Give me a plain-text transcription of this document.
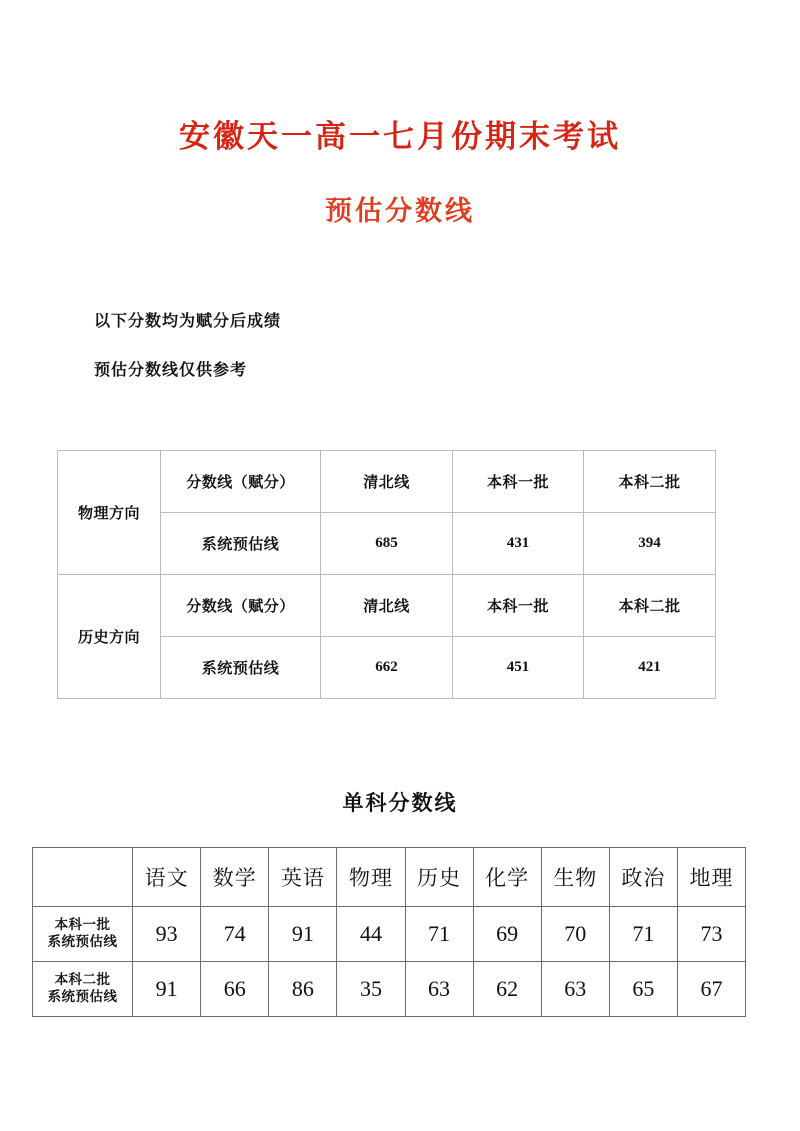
安徽天一高一七月份期末考试
预估分数线
以下分数均为赋分后成绩
预估分数线仅供参考
物理方向	分数线（赋分）	清北线	本科一批	本科二批
	系统预估线	685	431	394
历史方向	分数线（赋分）	清北线	本科一批	本科二批
	系统预估线	662	451	421
单科分数线
	语文	数学	英语	物理	历史	化学	生物	政治	地理

本科一批
系统预估线	93	74	91	44	71	69	70	71	73

本科二批
系统预估线	91	66	86	35	63	62	63	65	67
